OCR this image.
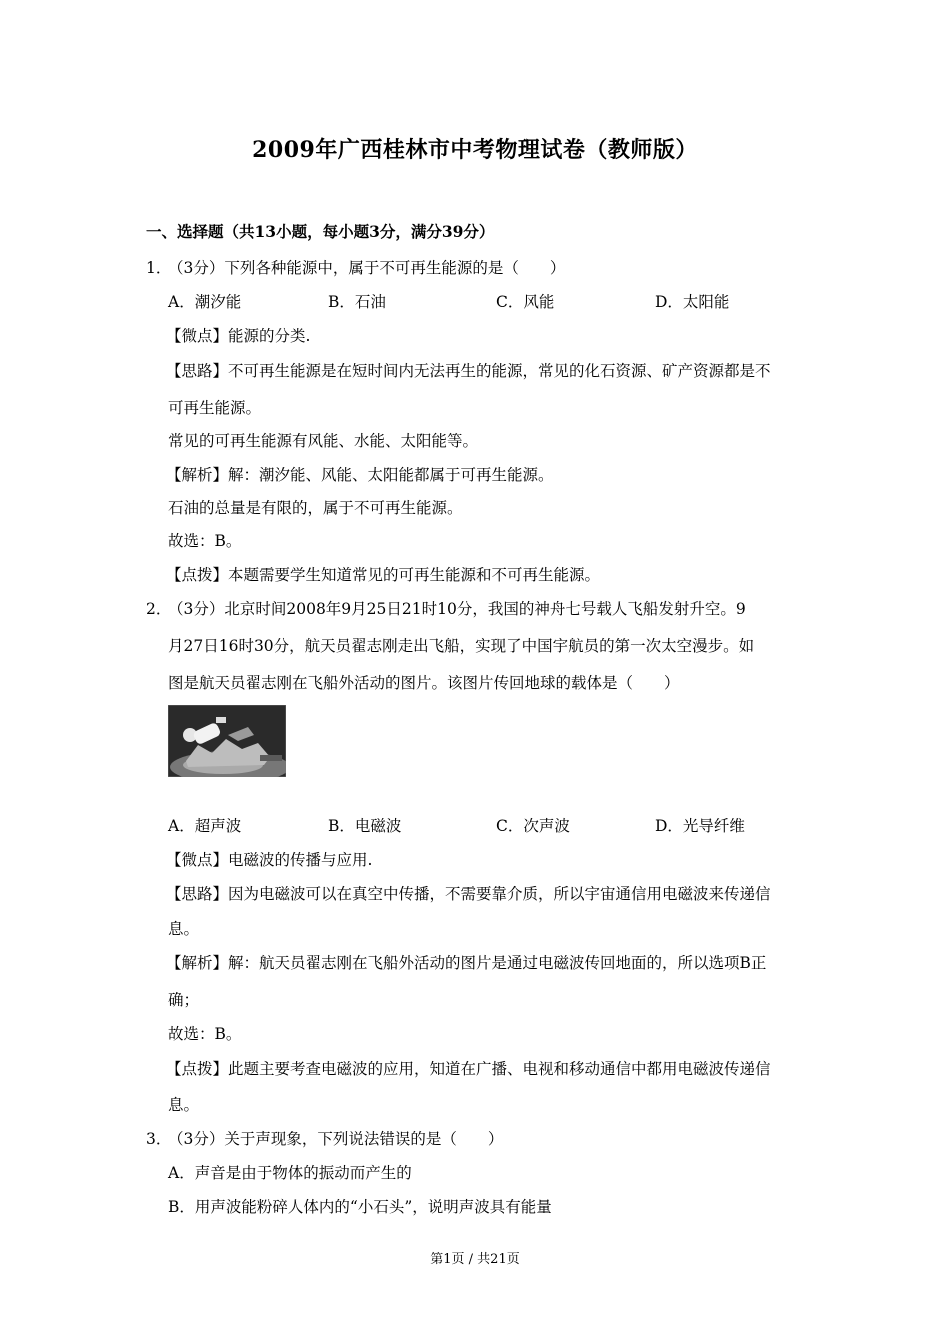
2009年广西桂林市中考物理试卷（教师版）
一、选择题（共13小题，每小题3分，满分39分）
1．
（3分）下列各种能源中，属于不可再生能源的是（　　）
A．潮汐能	B．石油	C．风能	D．太阳能
【微点】能源的分类.
【思路】不可再生能源是在短时间内无法再生的能源，常见的化石资源、矿产资源都是不
可再生能源。
常见的可再生能源有风能、水能、太阳能等。
【解析】解：潮汐能、风能、太阳能都属于可再生能源。
石油的总量是有限的，属于不可再生能源。
故选：B。
【点拨】本题需要学生知道常见的可再生能源和不可再生能源。
2．
（3分）北京时间2008年9月25日21时10分，我国的神舟七号载人飞船发射升空。9
月27日16时30分，航天员翟志刚走出飞船，实现了中国宇航员的第一次太空漫步。如
图是航天员翟志刚在飞船外活动的图片。该图片传回地球的载体是（　　）
A．超声波	B．电磁波	C．次声波	D．光导纤维
【微点】电磁波的传播与应用.
【思路】因为电磁波可以在真空中传播，不需要靠介质，所以宇宙通信用电磁波来传递信
息。
【解析】解：航天员翟志刚在飞船外活动的图片是通过电磁波传回地面的，所以选项B正
确；
故选：B。
【点拨】此题主要考查电磁波的应用，知道在广播、电视和移动通信中都用电磁波传递信
息。
3．
（3分）关于声现象，下列说法错误的是（　　）
A．声音是由于物体的振动而产生的
B．用声波能粉碎人体内的“小石头”，说明声波具有能量
第1页 / 共21页
